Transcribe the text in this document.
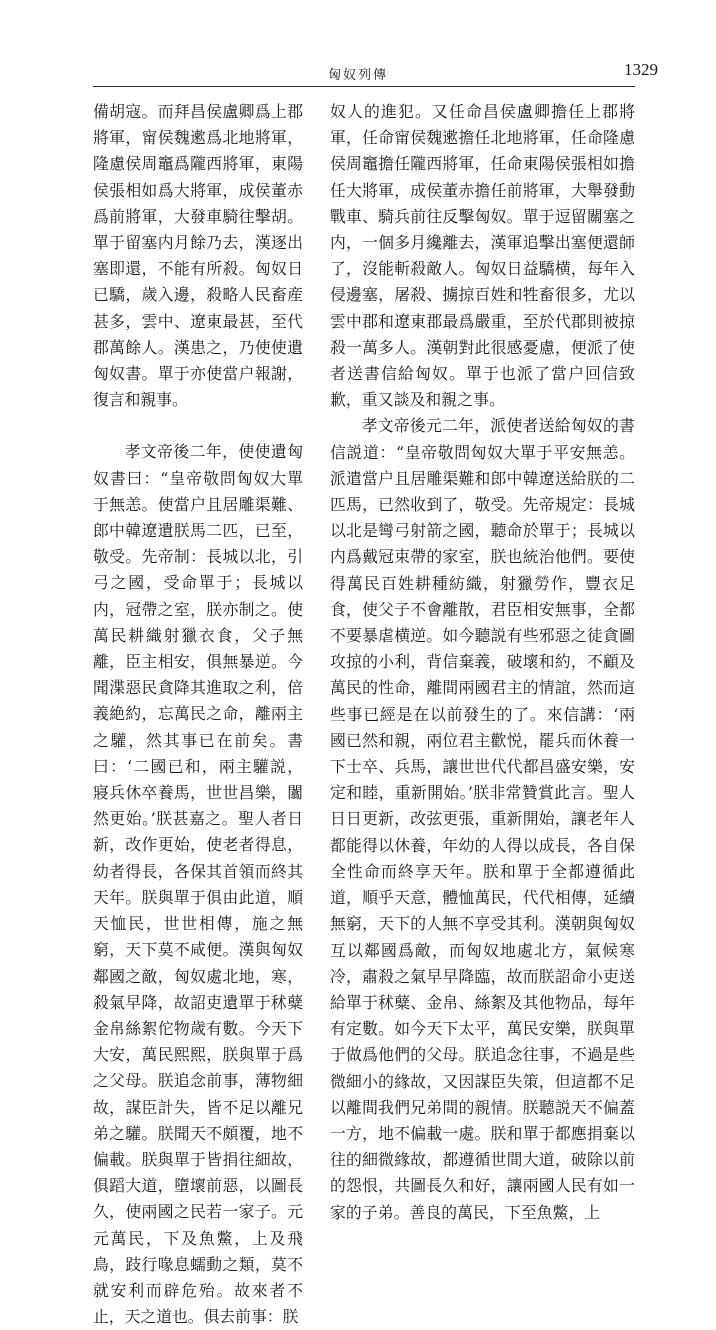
匈奴列傳	1329

備胡寇。而拜昌侯盧卿爲上郡將軍，甯侯魏遬爲北地將軍，隆慮侯周竈爲隴西將軍，東陽侯張相如爲大將軍，成侯董赤爲前將軍，大發車騎往擊胡。單于留塞内月餘乃去，漢逐出塞即還，不能有所殺。匈奴日已驕，歲入邊，殺略人民畜産甚多，雲中、遼東最甚，至代郡萬餘人。漢患之，乃使使遺匈奴書。單于亦使當户報謝，復言和親事。

孝文帝後二年，使使遺匈奴書曰：“皇帝敬問匈奴大單于無恙。使當户且居雕渠難、郎中韓遼遺朕馬二匹，已至，敬受。先帝制：長城以北，引弓之國，受命單于；長城以内，冠帶之室，朕亦制之。使萬民耕織射獵衣食，父子無離，臣主相安，俱無暴逆。今聞渫惡民貪降其進取之利，倍義絶約，忘萬民之命，離兩主之驩，然其事已在前矣。書曰：‘二國已和，兩主驩説，寢兵休卒養馬，世世昌樂，闟然更始。’朕甚嘉之。聖人者日新，改作更始，使老者得息，幼者得長，各保其首領而終其天年。朕與單于俱由此道，順天恤民，世世相傳，施之無窮，天下莫不咸便。漢與匈奴鄰國之敵，匈奴處北地，寒，殺氣早降，故詔吏遺單于秫糵金帛絲絮佗物歲有數。今天下大安，萬民熙熙，朕與單于爲之父母。朕追念前事，薄物細故，謀臣計失，皆不足以離兄弟之驩。朕聞天不頗覆，地不偏載。朕與單于皆捐往細故，俱蹈大道，墮壞前惡，以圖長久，使兩國之民若一家子。元元萬民，下及魚鱉，上及飛鳥，跂行喙息蠕動之類，莫不就安利而辟危殆。故來者不止，天之道也。俱去前事：朕

奴人的進犯。又任命昌侯盧卿擔任上郡將軍，任命甯侯魏遬擔任北地將軍，任命隆慮侯周竈擔任隴西將軍，任命東陽侯張相如擔任大將軍，成侯董赤擔任前將軍，大舉發動戰車、騎兵前往反擊匈奴。單于逗留關塞之内，一個多月纔離去，漢軍追擊出塞便還師了，沒能斬殺敵人。匈奴日益驕横，每年入侵邊塞，屠殺、擄掠百姓和牲畜很多，尤以雲中郡和遼東郡最爲嚴重，至於代郡則被掠殺一萬多人。漢朝對此很感憂慮，便派了使者送書信給匈奴。單于也派了當户回信致歉，重又談及和親之事。

孝文帝後元二年，派使者送給匈奴的書信説道：“皇帝敬問匈奴大單于平安無恙。派遣當户且居雕渠難和郎中韓遼送給朕的二匹馬，已然收到了，敬受。先帝規定：長城以北是彎弓射箭之國，聽命於單于；長城以内爲戴冠束帶的家室，朕也統治他們。要使得萬民百姓耕種紡織，射獵勞作，豐衣足食，使父子不會離散，君臣相安無事，全都不要暴虐横逆。如今聽説有些邪惡之徒貪圖攻掠的小利，背信棄義，破壞和約，不顧及萬民的性命，離間兩國君主的情誼，然而這些事已經是在以前發生的了。來信講：‘兩國已然和親，兩位君主歡悦，罷兵而休養一下士卒、兵馬，讓世世代代都昌盛安樂，安定和睦，重新開始。’朕非常贊賞此言。聖人日日更新，改弦更張，重新開始，讓老年人都能得以休養，年幼的人得以成長，各自保全性命而終享天年。朕和單于全都遵循此道，順乎天意，體恤萬民，代代相傳，延續無窮，天下的人無不享受其利。漢朝與匈奴互以鄰國爲敵，而匈奴地處北方，氣候寒冷，肅殺之氣早早降臨，故而朕詔命小吏送給單于秫糵、金帛、絲絮及其他物品，每年有定數。如今天下太平，萬民安樂，朕與單于做爲他們的父母。朕追念往事，不過是些微細小的緣故，又因謀臣失策，但這都不足以離間我們兄弟間的親情。朕聽説天不偏蓋一方，地不偏載一處。朕和單于都應捐棄以往的細微緣故，都遵循世間大道，破除以前的怨恨，共圖長久和好，讓兩國人民有如一家的子弟。善良的萬民，下至魚鱉，上
